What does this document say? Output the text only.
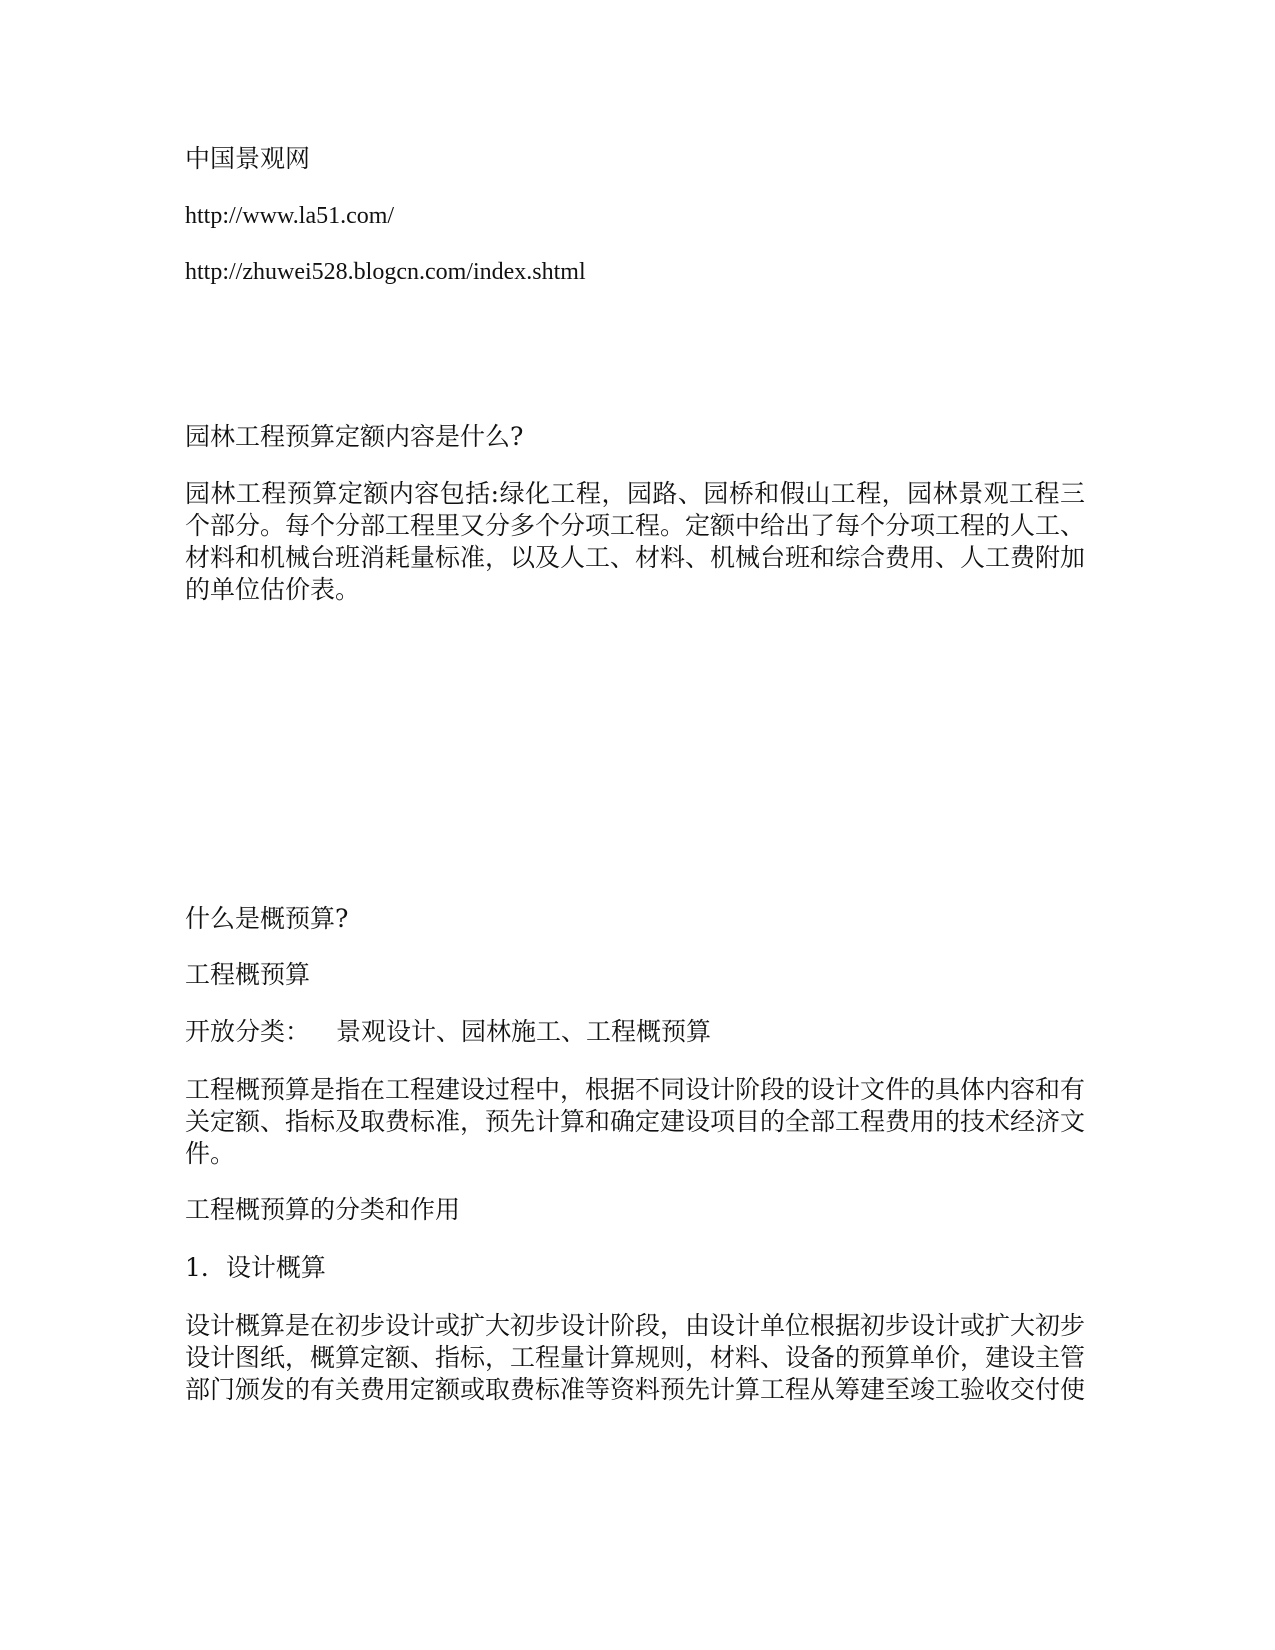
中国景观网
http://www.la51.com/
http://zhuwei528.blogcn.com/index.shtml
园林工程预算定额内容是什么?
园林工程预算定额内容包括:绿化工程，园路、园桥和假山工程，园林景观工程三个部分。每个分部工程里又分多个分项工程。定额中给出了每个分项工程的人工、材料和机械台班消耗量标准，以及人工、材料、机械台班和综合费用、人工费附加的单位估价表。
什么是概预算?
工程概预算
开放分类： 景观设计、园林施工、工程概预算
工程概预算是指在工程建设过程中，根据不同设计阶段的设计文件的具体内容和有关定额、指标及取费标准，预先计算和确定建设项目的全部工程费用的技术经济文件。
工程概预算的分类和作用
1．设计概算
设计概算是在初步设计或扩大初步设计阶段，由设计单位根据初步设计或扩大初步设计图纸，概算定额、指标，工程量计算规则，材料、设备的预算单价，建设主管部门颁发的有关费用定额或取费标准等资料预先计算工程从筹建至竣工验收交付使
